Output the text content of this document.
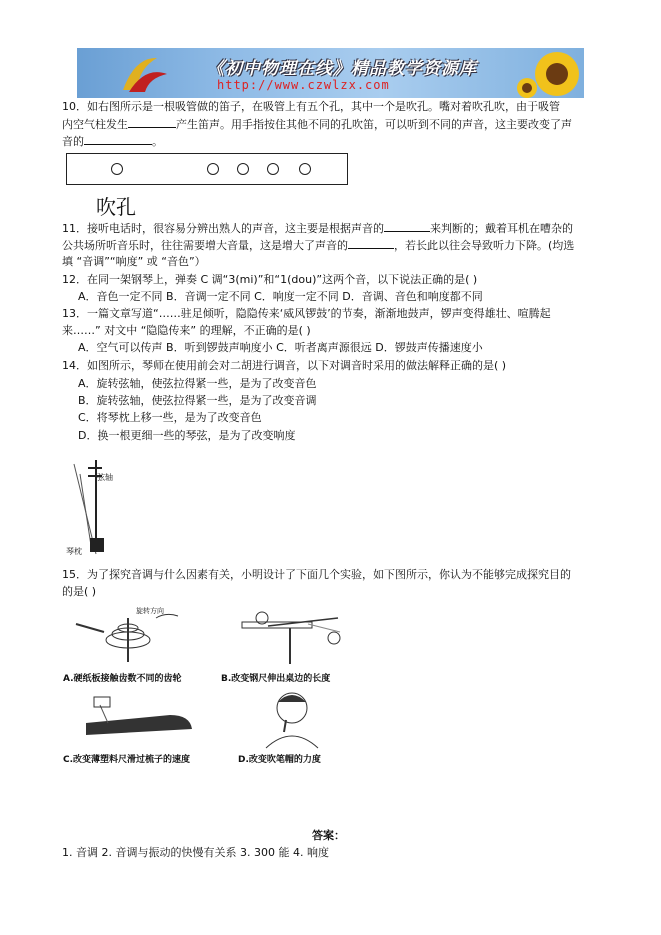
《初中物理在线》精品教学资源库
http://www.czwlzx.com
10．如右图所示是一根吸管做的笛子，在吸管上有五个孔，其中一个是吹孔。嘴对着吹孔吹，由于吸管
内空气柱发生	产生笛声。用手指按住其他不同的孔吹笛，可以听到不同的声音，这主要改变了声
音的	。
吹孔
11．接听电话时，很容易分辨出熟人的声音，这主要是根据声音的	来判断的；戴着耳机在嘈杂的
公共场所听音乐时，往往需要增大音量，这是增大了声音的	，若长此以往会导致听力下降。(均选
填 “音调”“响度” 或 “音色”）
12．在同一架钢琴上，弹奏 C 调“3(mi)”和“1(dou)”这两个音，以下说法正确的是( )
A．音色一定不同 B．音调一定不同 C．响度一定不同 D．音调、音色和响度都不同
13．一篇文章写道“……驻足倾听，隐隐传来‘威风锣鼓’的节奏，渐渐地鼓声，锣声变得雄壮、喧腾起
来……” 对文中 “隐隐传来” 的理解，不正确的是( )
A．空气可以传声 B．听到锣鼓声响度小 C．听者离声源很远 D．锣鼓声传播速度小
14．如图所示，琴师在使用前会对二胡进行调音，以下对调音时采用的做法解释正确的是( )
A．旋转弦轴，使弦拉得紧一些，是为了改变音色
B．旋转弦轴，使弦拉得紧一些，是为了改变音调
C．将琴枕上移一些，是为了改变音色
D．换一根更细一些的琴弦，是为了改变响度
弦轴
琴枕
15．为了探究音调与什么因素有关，小明设计了下面几个实验，如下图所示，你认为不能够完成探究目的
的是( )
旋转方向
A.硬纸板接触齿数不同的齿轮	B.改变钢尺伸出桌边的长度
C.改变薄塑料尺滑过梳子的速度	D.改变吹笔帽的力度
答案：
1. 音调 2. 音调与振动的快慢有关系 3. 300 能 4. 响度
